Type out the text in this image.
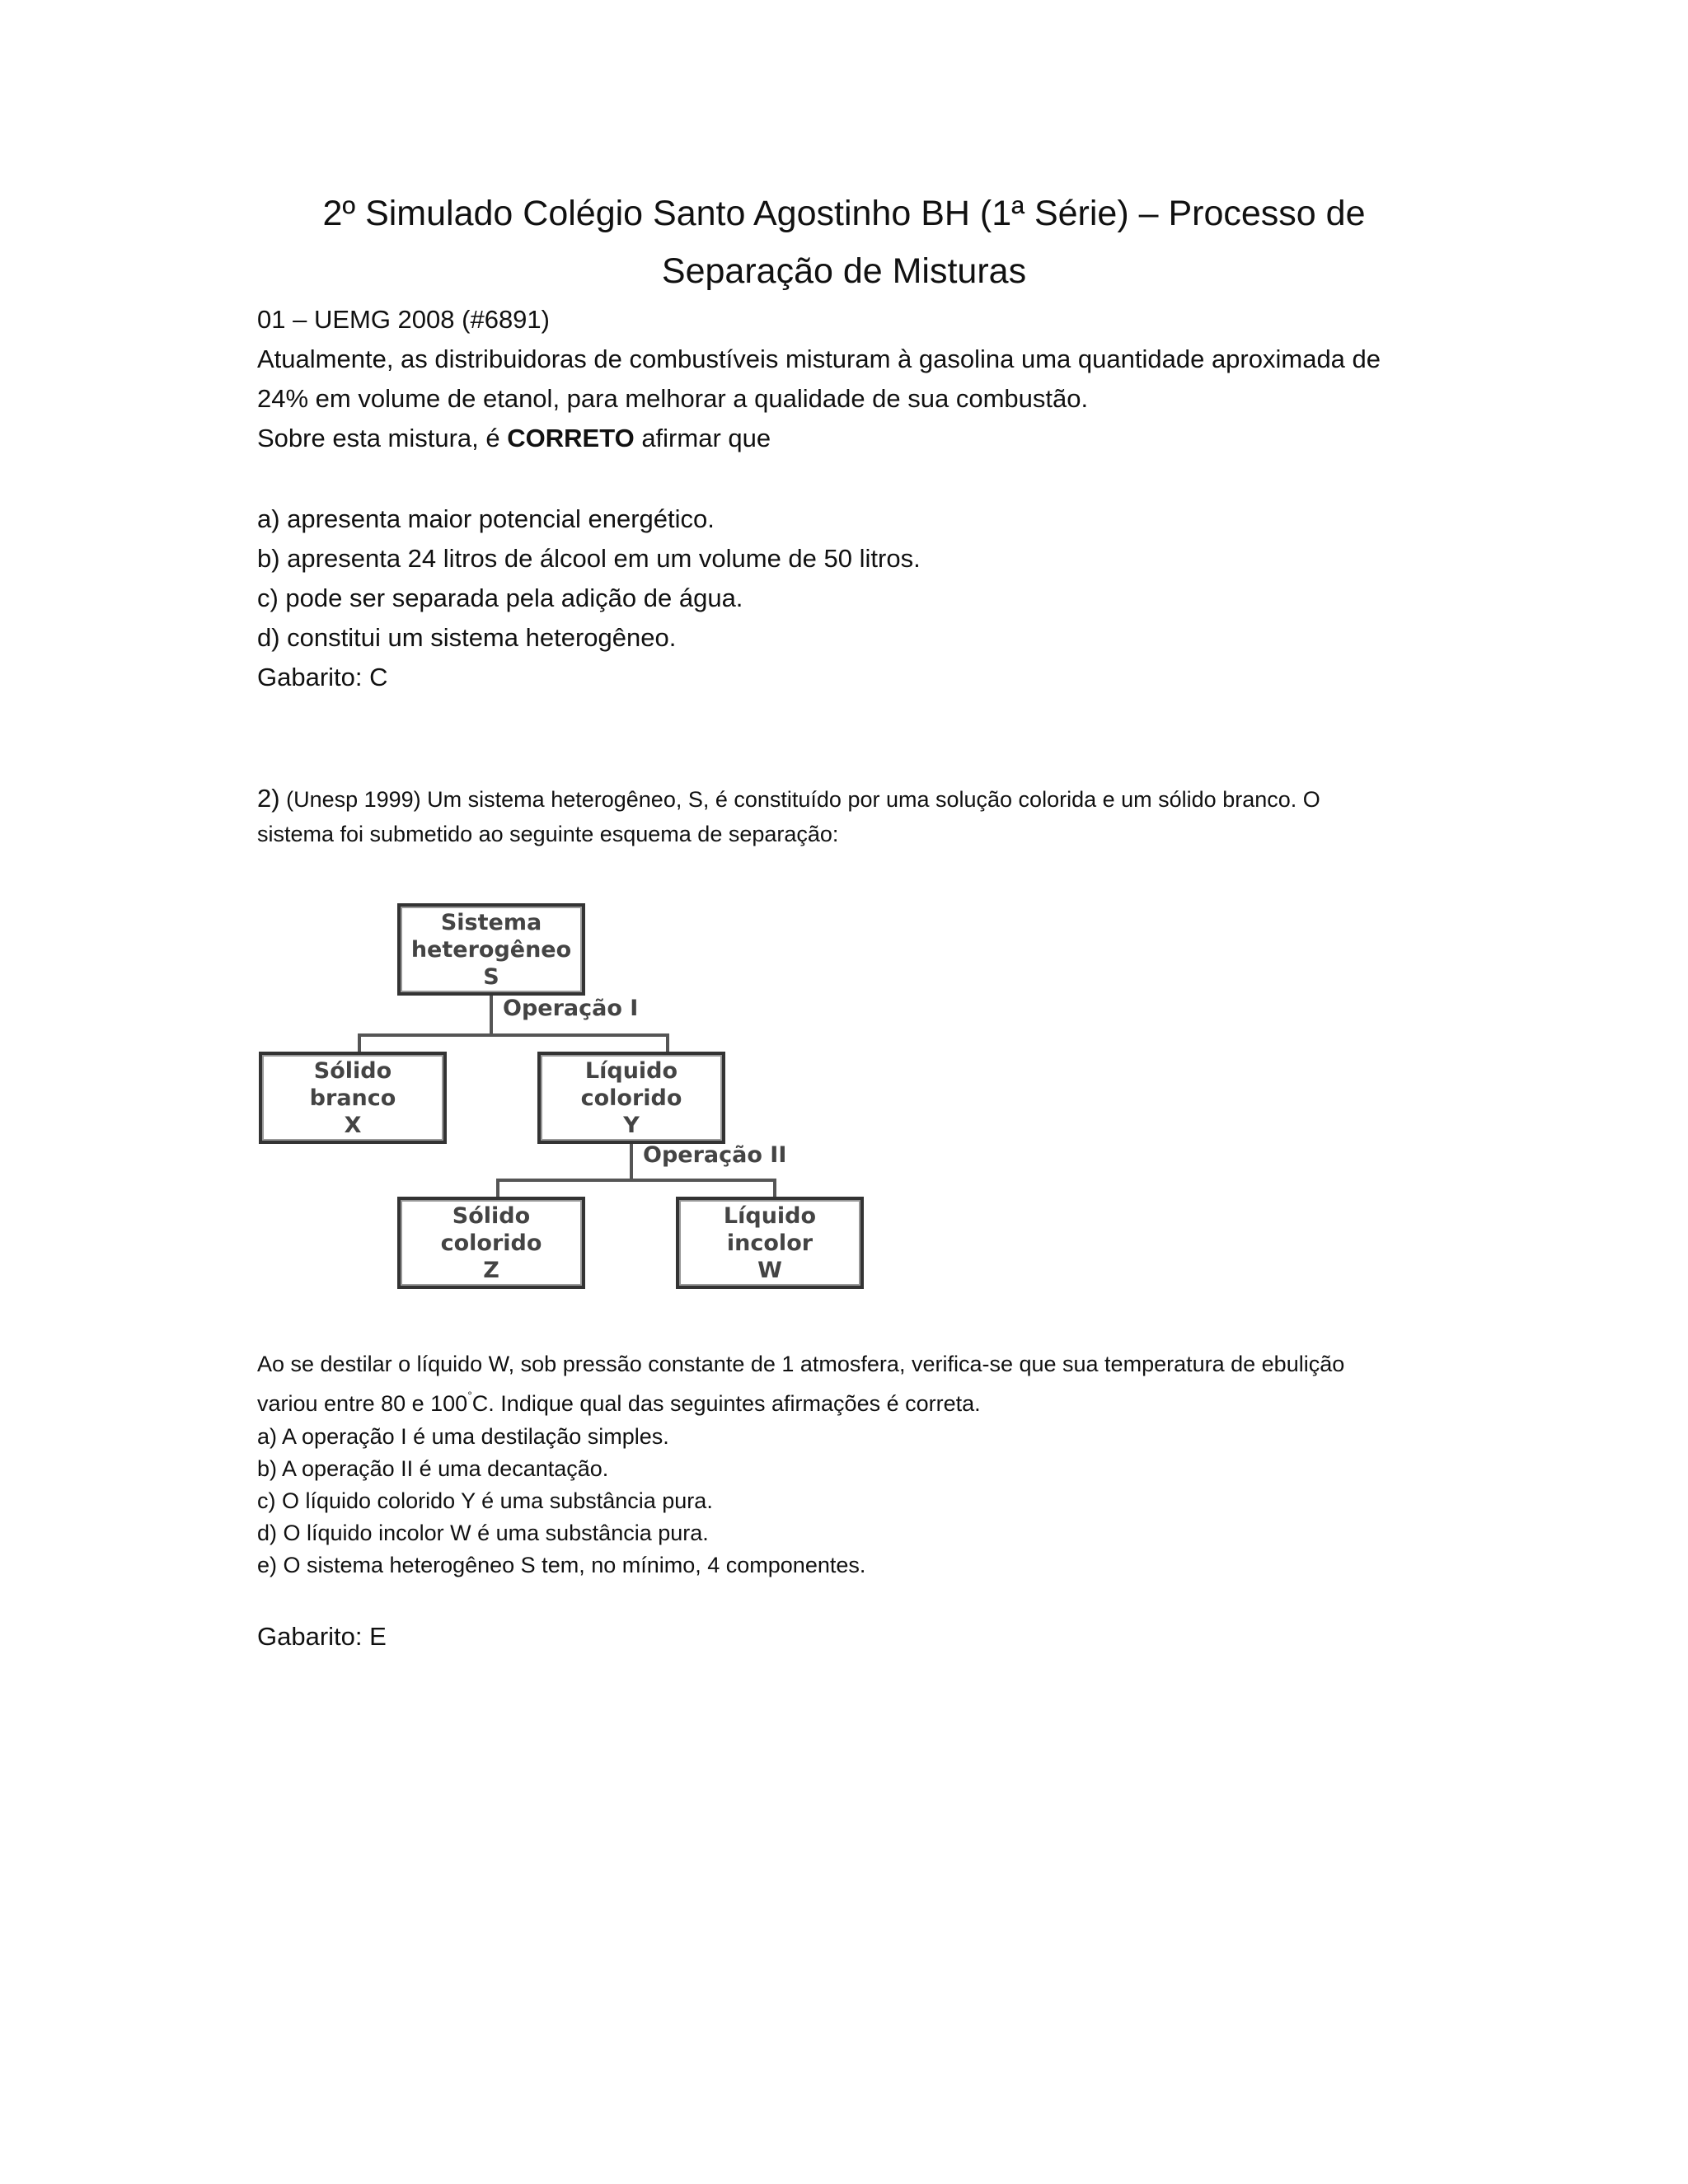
2º Simulado Colégio Santo Agostinho BH (1ª Série) – Processo de
Separação de Misturas

01 – UEMG 2008 (#6891)

Atualmente, as distribuidoras de combustíveis misturam à gasolina uma quantidade aproximada de

24% em volume de etanol, para melhorar a qualidade de sua combustão.

Sobre esta mistura, é CORRETO afirmar que

a) apresenta maior potencial energético.

b) apresenta 24 litros de álcool em um volume de 50 litros.

c) pode ser separada pela adição de água.

d) constitui um sistema heterogêneo.

Gabarito: C

2) (Unesp 1999) Um sistema heterogêneo, S, é constituído por uma solução colorida e um sólido branco. O

sistema foi submetido ao seguinte esquema de separação:

Sistema
heterogêneo
S
Operação I
Sólido
branco
X
Líquido
colorido
Y
Operação II
Sólido
colorido
Z
Líquido
incolor
W

Ao se destilar o líquido W, sob pressão constante de 1 atmosfera, verifica-se que sua temperatura de ebulição

variou entre 80 e 100°C. Indique qual das seguintes afirmações é correta.

a) A operação I é uma destilação simples.

b) A operação II é uma decantação.

c) O líquido colorido Y é uma substância pura.

d) O líquido incolor W é uma substância pura.

e) O sistema heterogêneo S tem, no mínimo, 4 componentes.

Gabarito: E
